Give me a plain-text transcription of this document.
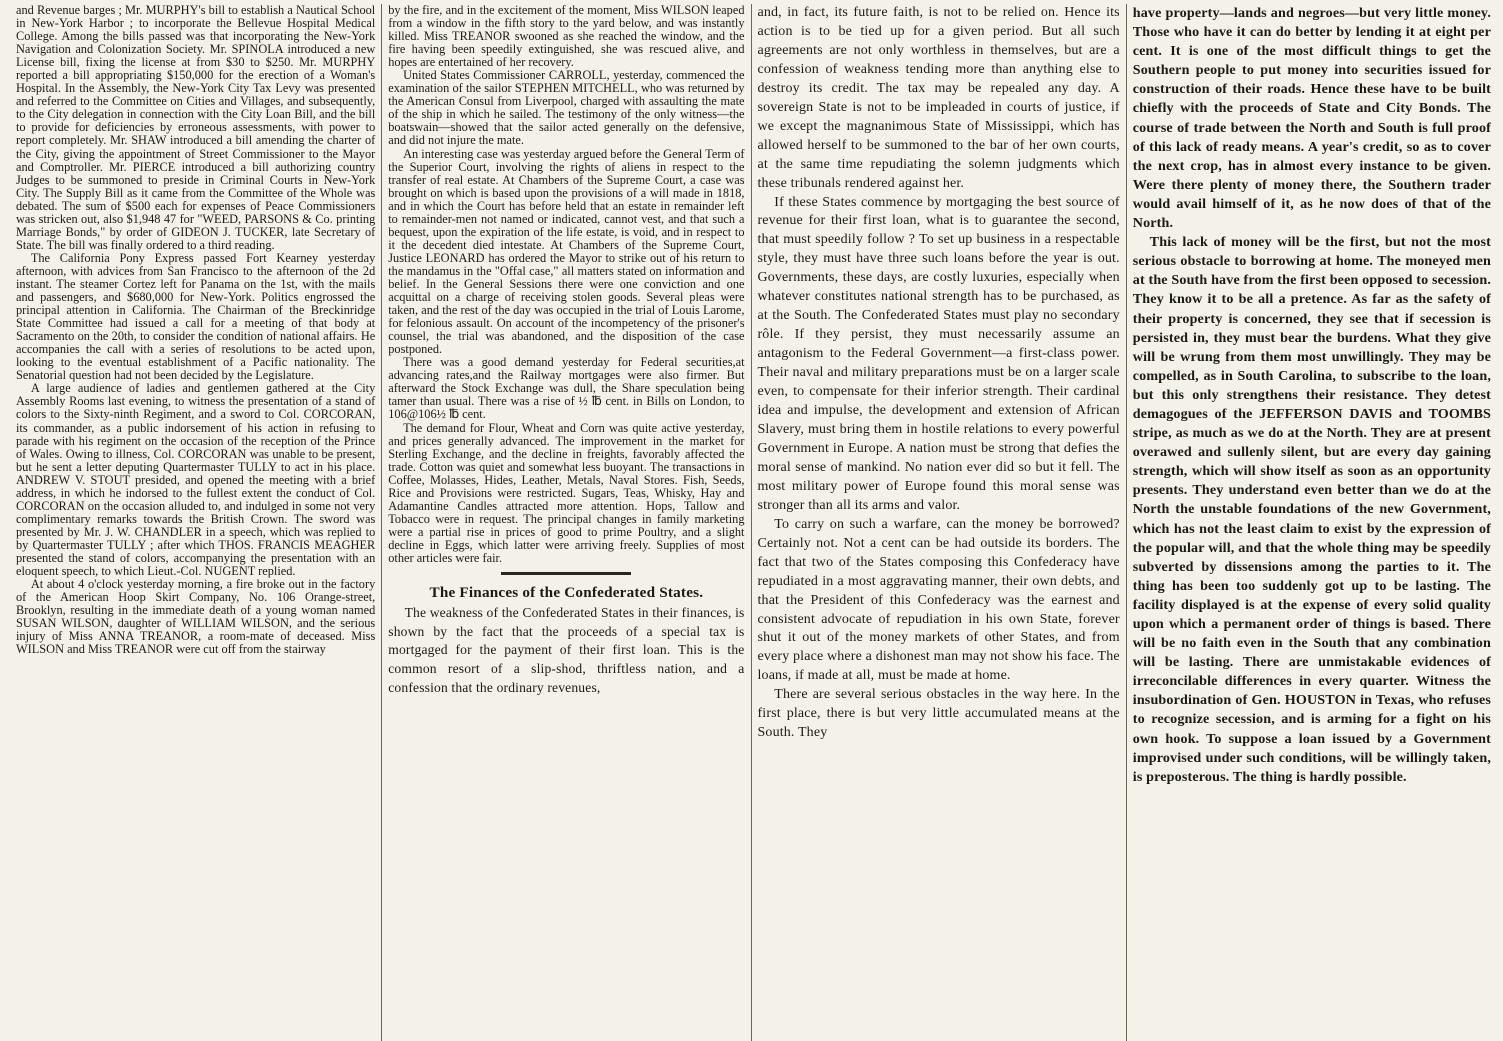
and Revenue barges ; Mr. MURPHY's bill to establish a Nautical School in New-York Harbor ; to incorporate the Bellevue Hospital Medical College. Among the bills passed was that incorporating the New-York Navigation and Colonization Society. Mr. SPINOLA introduced a new License bill, fixing the license at from $30 to $250. Mr. MURPHY reported a bill appropriating $150,000 for the erection of a Woman's Hospital. In the Assembly, the New-York City Tax Levy was presented and referred to the Committee on Cities and Villages, and subsequently, to the City delegation in connection with the City Loan Bill, and the bill to provide for deficiencies by erroneous assessments, with power to report completely. Mr. SHAW introduced a bill amending the charter of the City, giving the appointment of Street Commissioner to the Mayor and Comptroller. Mr. PIERCE introduced a bill authorizing country Judges to be summoned to preside in Criminal Courts in New-York City. The Supply Bill as it came from the Committee of the Whole was debated. The sum of $500 each for expenses of Peace Commissioners was stricken out, also $1,948 47 for "WEED, PARSONS & Co. printing Marriage Bonds," by order of GIDEON J. TUCKER, late Secretary of State. The bill was finally ordered to a third reading.

The California Pony Express passed Fort Kearney yesterday afternoon, with advices from San Francisco to the afternoon of the 2d instant. The steamer Cortez left for Panama on the 1st, with the mails and passengers, and $680,000 for New-York. Politics engrossed the principal attention in California. The Chairman of the Breckinridge State Committee had issued a call for a meeting of that body at Sacramento on the 20th, to consider the condition of national affairs. He accompanies the call with a series of resolutions to be acted upon, looking to the eventual establishment of a Pacific nationality. The Senatorial question had not been decided by the Legislature.

A large audience of ladies and gentlemen gathered at the City Assembly Rooms last evening, to witness the presentation of a stand of colors to the Sixty-ninth Regiment, and a sword to Col. CORCORAN, its commander, as a public indorsement of his action in refusing to parade with his regiment on the occasion of the reception of the Prince of Wales. Owing to illness, Col. CORCORAN was unable to be present, but he sent a letter deputing Quartermaster TULLY to act in his place. ANDREW V. STOUT presided, and opened the meeting with a brief address, in which he indorsed to the fullest extent the conduct of Col. CORCORAN on the occasion alluded to, and indulged in some not very complimentary remarks towards the British Crown. The sword was presented by Mr. J. W. CHANDLER in a speech, which was replied to by Quartermaster TULLY ; after which THOS. FRANCIS MEAGHER presented the stand of colors, accompanying the presentation with an eloquent speech, to which Lieut.-Col. NUGENT replied.

At about 4 o'clock yesterday morning, a fire broke out in the factory of the American Hoop Skirt Company, No. 106 Orange-street, Brooklyn, resulting in the immediate death of a young woman named SUSAN WILSON, daughter of WILLIAM WILSON, and the serious injury of Miss ANNA TREANOR, a room-mate of deceased. Miss WILSON and Miss TREANOR were cut off from the stairway

by the fire, and in the excitement of the moment, Miss WILSON leaped from a window in the fifth story to the yard below, and was instantly killed. Miss TREANOR swooned as she reached the window, and the fire having been speedily extinguished, she was rescued alive, and hopes are entertained of her recovery.

United States Commissioner CARROLL, yesterday, commenced the examination of the sailor STEPHEN MITCHELL, who was returned by the American Consul from Liverpool, charged with assaulting the mate of the ship in which he sailed. The testimony of the only witness—the boatswain—showed that the sailor acted generally on the defensive, and did not injure the mate.

An interesting case was yesterday argued before the General Term of the Superior Court, involving the rights of aliens in respect to the transfer of real estate. At Chambers of the Supreme Court, a case was brought on which is based upon the provisions of a will made in 1818, and in which the Court has before held that an estate in remainder left to remainder-men not named or indicated, cannot vest, and that such a bequest, upon the expiration of the life estate, is void, and in respect to it the decedent died intestate. At Chambers of the Supreme Court, Justice LEONARD has ordered the Mayor to strike out of his return to the mandamus in the "Offal case," all matters stated on information and belief. In the General Sessions there were one conviction and one acquittal on a charge of receiving stolen goods. Several pleas were taken, and the rest of the day was occupied in the trial of Louis Larome, for felonious assault. On account of the incompetency of the prisoner's counsel, the trial was abandoned, and the disposition of the case postponed.

There was a good demand yesterday for Federal securities,at advancing rates,and the Railway mortgages were also firmer. But afterward the Stock Exchange was dull, the Share speculation being tamer than usual. There was a rise of ½ ℔ cent. in Bills on London, to 106@106½ ℔ cent.

The demand for Flour, Wheat and Corn was quite active yesterday, and prices generally advanced. The improvement in the market for Sterling Exchange, and the decline in freights, favorably affected the trade. Cotton was quiet and somewhat less buoyant. The transactions in Coffee, Molasses, Hides, Leather, Metals, Naval Stores. Fish, Seeds, Rice and Provisions were restricted. Sugars, Teas, Whisky, Hay and Adamantine Candles attracted more attention. Hops, Tallow and Tobacco were in request. The principal changes in family marketing were a partial rise in prices of good to prime Poultry, and a slight decline in Eggs, which latter were arriving freely. Supplies of most other articles were fair.

The Finances of the Confederated States.

The weakness of the Confederated States in their finances, is shown by the fact that the proceeds of a special tax is mortgaged for the payment of their first loan. This is the common resort of a slip-shod, thriftless nation, and a confession that the ordinary revenues,

and, in fact, its future faith, is not to be relied on. Hence its action is to be tied up for a given period. But all such agreements are not only worthless in themselves, but are a confession of weakness tending more than anything else to destroy its credit. The tax may be repealed any day. A sovereign State is not to be impleaded in courts of justice, if we except the magnanimous State of Mississippi, which has allowed herself to be summoned to the bar of her own courts, at the same time repudiating the solemn judgments which these tribunals rendered against her.

If these States commence by mortgaging the best source of revenue for their first loan, what is to guarantee the second, that must speedily follow ? To set up business in a respectable style, they must have three such loans before the year is out. Governments, these days, are costly luxuries, especially when whatever constitutes national strength has to be purchased, as at the South. The Confederated States must play no secondary rôle. If they persist, they must necessarily assume an antagonism to the Federal Government—a first-class power. Their naval and military preparations must be on a larger scale even, to compensate for their inferior strength. Their cardinal idea and impulse, the development and extension of African Slavery, must bring them in hostile relations to every powerful Government in Europe. A nation must be strong that defies the moral sense of mankind. No nation ever did so but it fell. The most military power of Europe found this moral sense was stronger than all its arms and valor.

To carry on such a warfare, can the money be borrowed? Certainly not. Not a cent can be had outside its borders. The fact that two of the States composing this Confederacy have repudiated in a most aggravating manner, their own debts, and that the President of this Confederacy was the earnest and consistent advocate of repudiation in his own State, forever shut it out of the money markets of other States, and from every place where a dishonest man may not show his face. The loans, if made at all, must be made at home.

There are several serious obstacles in the way here. In the first place, there is but very little accumulated means at the South. They

have property—lands and negroes—but very little money. Those who have it can do better by lending it at eight per cent. It is one of the most difficult things to get the Southern people to put money into securities issued for construction of their roads. Hence these have to be built chiefly with the proceeds of State and City Bonds. The course of trade between the North and South is full proof of this lack of ready means. A year's credit, so as to cover the next crop, has in almost every instance to be given. Were there plenty of money there, the Southern trader would avail himself of it, as he now does of that of the North.

This lack of money will be the first, but not the most serious obstacle to borrowing at home. The moneyed men at the South have from the first been opposed to secession. They know it to be all a pretence. As far as the safety of their property is concerned, they see that if secession is persisted in, they must bear the burdens. What they give will be wrung from them most unwillingly. They may be compelled, as in South Carolina, to subscribe to the loan, but this only strengthens their resistance. They detest demagogues of the JEFFERSON DAVIS and TOOMBS stripe, as much as we do at the North. They are at present overawed and sullenly silent, but are every day gaining strength, which will show itself as soon as an opportunity presents. They understand even better than we do at the North the unstable foundations of the new Government, which has not the least claim to exist by the expression of the popular will, and that the whole thing may be speedily subverted by dissensions among the parties to it. The thing has been too suddenly got up to be lasting. The facility displayed is at the expense of every solid quality upon which a permanent order of things is based. There will be no faith even in the South that any combination will be lasting. There are unmistakable evidences of irreconcilable differences in every quarter. Witness the insubordination of Gen. HOUSTON in Texas, who refuses to recognize secession, and is arming for a fight on his own hook. To suppose a loan issued by a Government improvised under such conditions, will be willingly taken, is preposterous. The thing is hardly possible.
